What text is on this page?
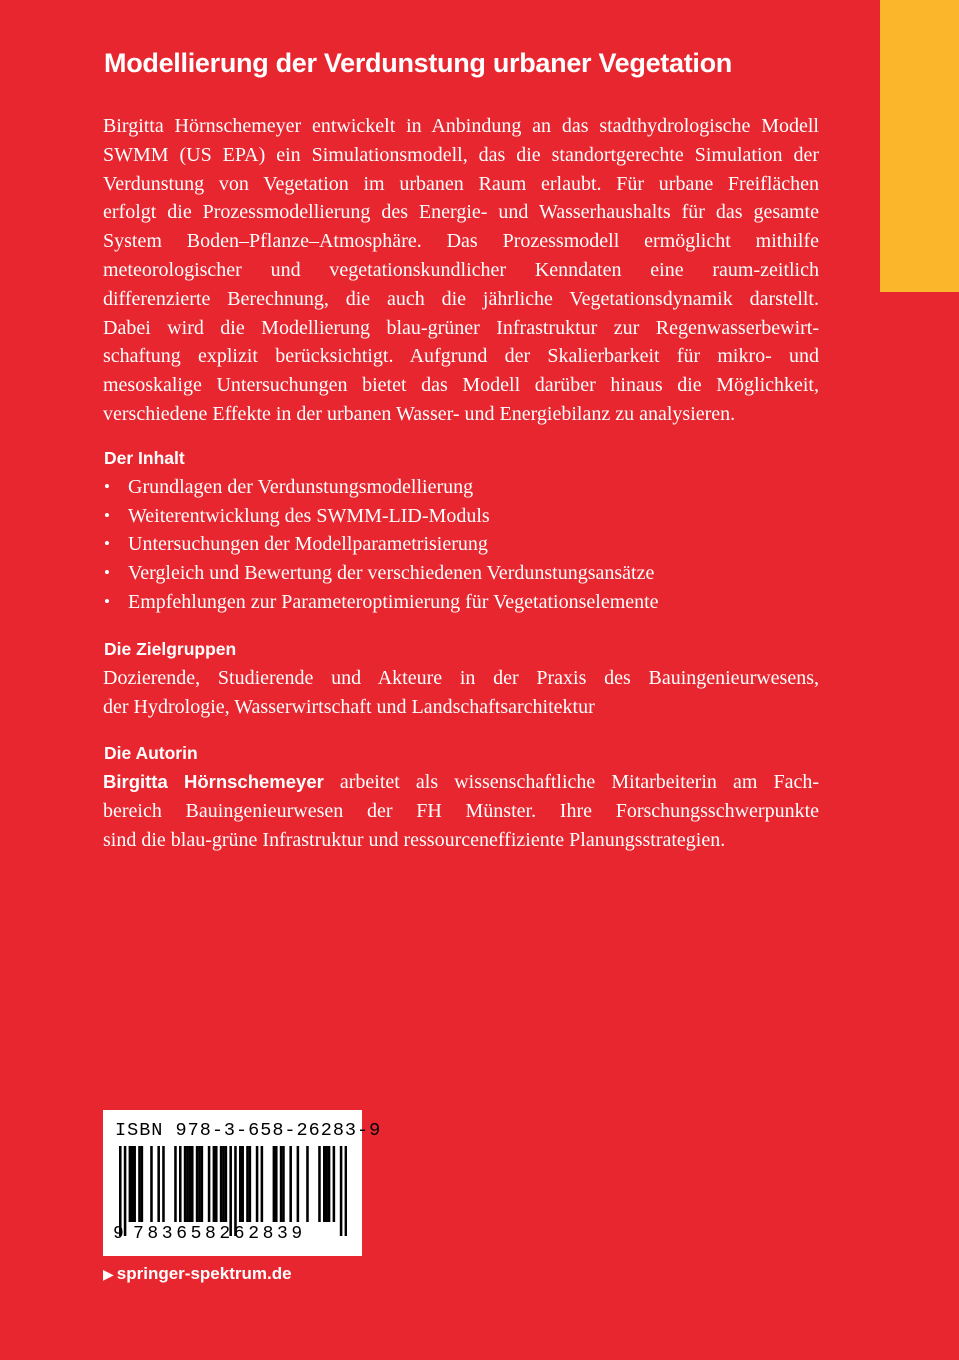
Modellierung der Verdunstung urbaner Vegetation

Birgitta Hörnschemeyer entwickelt in Anbindung an das stadthydrologische Modell
SWMM (US EPA) ein Simulationsmodell, das die standortgerechte Simulation der
Verdunstung von Vegetation im urbanen Raum erlaubt. Für urbane Freiflächen
erfolgt die Prozessmodellierung des Energie- und Wasserhaushalts für das gesamte
System Boden–Pflanze–Atmosphäre. Das Prozessmodell ermöglicht mithilfe
meteorologischer und vegetationskundlicher Kenndaten eine raum-zeitlich
differenzierte Berechnung, die auch die jährliche Vegetationsdynamik darstellt.
Dabei wird die Modellierung blau-grüner Infrastruktur zur Regenwasserbewirt-
schaftung explizit berücksichtigt. Aufgrund der Skalierbarkeit für mikro- und
mesoskalige Untersuchungen bietet das Modell darüber hinaus die Möglichkeit,
verschiedene Effekte in der urbanen Wasser- und Energiebilanz zu analysieren.

Der Inhalt
• Grundlagen der Verdunstungsmodellierung
• Weiterentwicklung des SWMM-LID-Moduls
• Untersuchungen der Modellparametrisierung
• Vergleich und Bewertung der verschiedenen Verdunstungsansätze
• Empfehlungen zur Parameteroptimierung für Vegetationselemente
Die Zielgruppen

Dozierende, Studierende und Akteure in der Praxis des Bauingenieurwesens,
der Hydrologie, Wasserwirtschaft und Landschaftsarchitektur

Die Autorin

Birgitta Hörnschemeyer arbeitet als wissenschaftliche Mitarbeiterin am Fach-
bereich Bauingenieurwesen der FH Münster. Ihre Forschungsschwerpunkte
sind die blau-grüne Infrastruktur und ressourceneffiziente Planungsstrategien.

ISBN 978-3-658-26283-9
9 783658262839
▶ springer-spektrum.de
